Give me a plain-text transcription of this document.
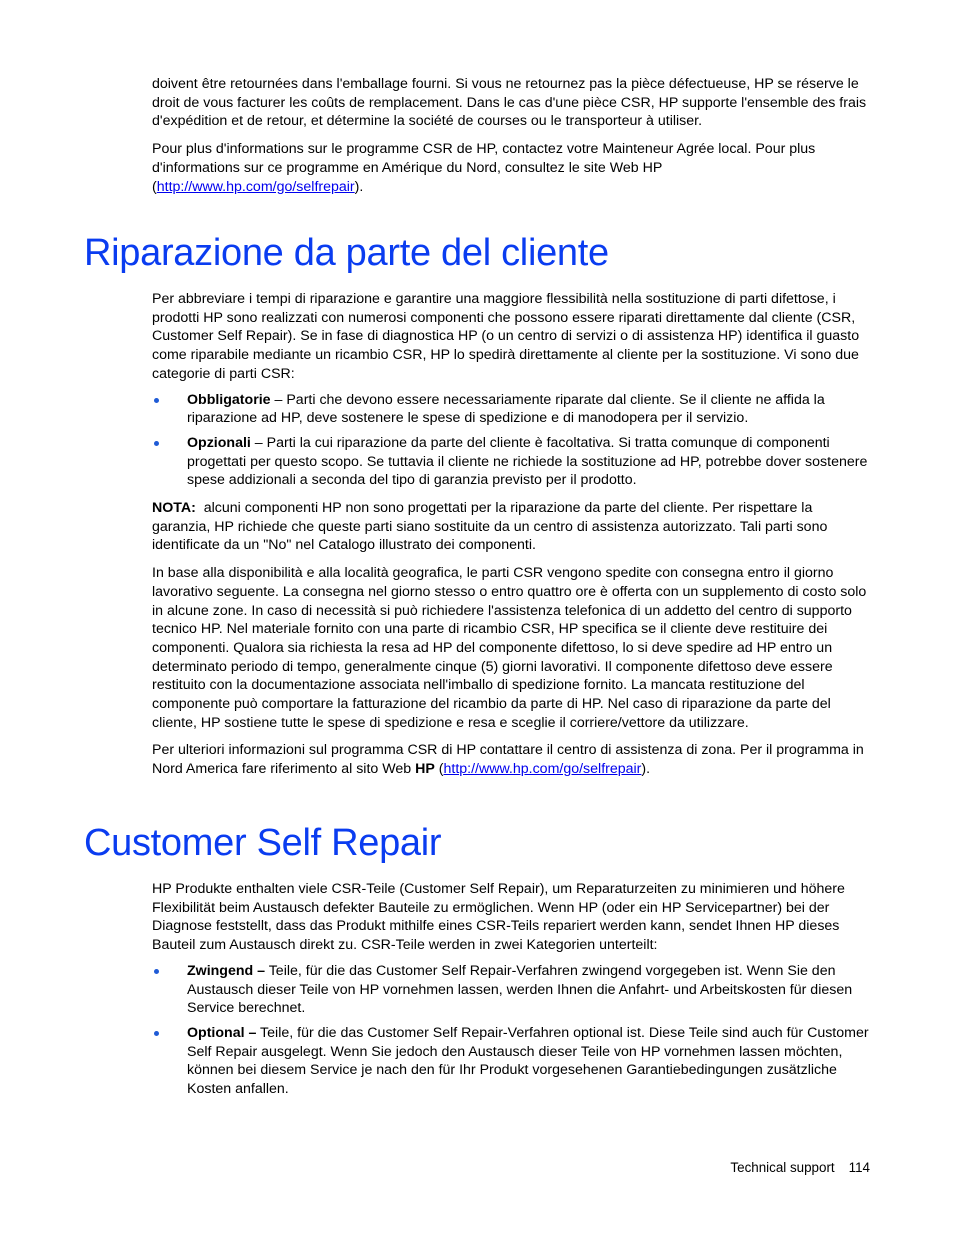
doivent être retournées dans l'emballage fourni. Si vous ne retournez pas la pièce défectueuse, HP se réserve le droit de vous facturer les coûts de remplacement. Dans le cas d'une pièce CSR, HP supporte l'ensemble des frais d'expédition et de retour, et détermine la société de courses ou le transporteur à utiliser.

Pour plus d'informations sur le programme CSR de HP, contactez votre Mainteneur Agrée local. Pour plus d'informations sur ce programme en Amérique du Nord, consultez le site Web HP (http://www.hp.com/go/selfrepair).

Riparazione da parte del cliente

Per abbreviare i tempi di riparazione e garantire una maggiore flessibilità nella sostituzione di parti difettose, i prodotti HP sono realizzati con numerosi componenti che possono essere riparati direttamente dal cliente (CSR, Customer Self Repair). Se in fase di diagnostica HP (o un centro di servizi o di assistenza HP) identifica il guasto come riparabile mediante un ricambio CSR, HP lo spedirà direttamente al cliente per la sostituzione. Vi sono due categorie di parti CSR:

Obbligatorie – Parti che devono essere necessariamente riparate dal cliente. Se il cliente ne affida la riparazione ad HP, deve sostenere le spese di spedizione e di manodopera per il servizio.

Opzionali – Parti la cui riparazione da parte del cliente è facoltativa. Si tratta comunque di componenti progettati per questo scopo. Se tuttavia il cliente ne richiede la sostituzione ad HP, potrebbe dover sostenere spese addizionali a seconda del tipo di garanzia previsto per il prodotto.

NOTA:  alcuni componenti HP non sono progettati per la riparazione da parte del cliente. Per rispettare la garanzia, HP richiede che queste parti siano sostituite da un centro di assistenza autorizzato. Tali parti sono identificate da un "No" nel Catalogo illustrato dei componenti.

In base alla disponibilità e alla località geografica, le parti CSR vengono spedite con consegna entro il giorno lavorativo seguente. La consegna nel giorno stesso o entro quattro ore è offerta con un supplemento di costo solo in alcune zone. In caso di necessità si può richiedere l'assistenza telefonica di un addetto del centro di supporto tecnico HP. Nel materiale fornito con una parte di ricambio CSR, HP specifica se il cliente deve restituire dei componenti. Qualora sia richiesta la resa ad HP del componente difettoso, lo si deve spedire ad HP entro un determinato periodo di tempo, generalmente cinque (5) giorni lavorativi. Il componente difettoso deve essere restituito con la documentazione associata nell'imballo di spedizione fornito. La mancata restituzione del componente può comportare la fatturazione del ricambio da parte di HP. Nel caso di riparazione da parte del cliente, HP sostiene tutte le spese di spedizione e resa e sceglie il corriere/vettore da utilizzare.

Per ulteriori informazioni sul programma CSR di HP contattare il centro di assistenza di zona. Per il programma in Nord America fare riferimento al sito Web HP (http://www.hp.com/go/selfrepair).

Customer Self Repair

HP Produkte enthalten viele CSR-Teile (Customer Self Repair), um Reparaturzeiten zu minimieren und höhere Flexibilität beim Austausch defekter Bauteile zu ermöglichen. Wenn HP (oder ein HP Servicepartner) bei der Diagnose feststellt, dass das Produkt mithilfe eines CSR-Teils repariert werden kann, sendet Ihnen HP dieses Bauteil zum Austausch direkt zu. CSR-Teile werden in zwei Kategorien unterteilt:

Zwingend – Teile, für die das Customer Self Repair-Verfahren zwingend vorgegeben ist. Wenn Sie den Austausch dieser Teile von HP vornehmen lassen, werden Ihnen die Anfahrt- und Arbeitskosten für diesen Service berechnet.

Optional – Teile, für die das Customer Self Repair-Verfahren optional ist. Diese Teile sind auch für Customer Self Repair ausgelegt. Wenn Sie jedoch den Austausch dieser Teile von HP vornehmen lassen möchten, können bei diesem Service je nach den für Ihr Produkt vorgesehenen Garantiebedingungen zusätzliche Kosten anfallen.

Technical support 114
